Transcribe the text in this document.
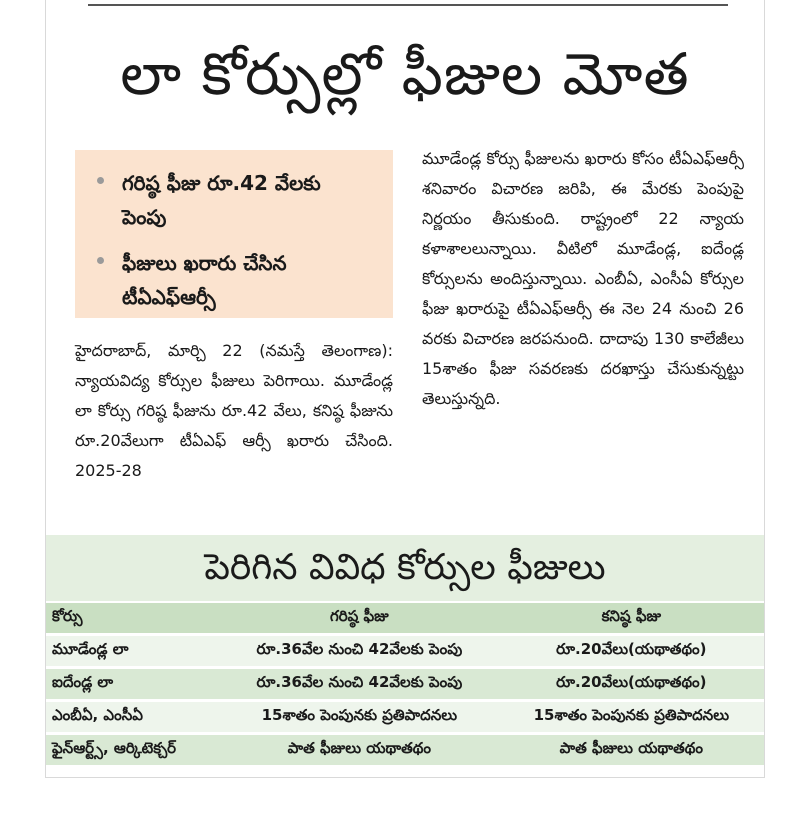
లా కోర్సుల్లో ఫీజుల మోత
గరిష్ఠ ఫీజు రూ.42 వేలకు పెంపు
ఫీజులు ఖరారు చేసిన టీఏఎఫ్ఆర్సీ
హైదరాబాద్, మార్చి 22 (నమస్తే తెలంగాణ): న్యాయవిద్య కోర్సుల ఫీజులు పెరిగాయి. మూడేండ్ల లా కోర్సు గరిష్ఠ ఫీజును రూ.42 వేలు, కనిష్ఠ ఫీజును రూ.20వేలుగా టీఏఎఫ్ ఆర్సీ ఖరారు చేసింది. 2025-28
మూడేండ్ల కోర్సు ఫీజులను ఖరారు కోసం టీఏఎఫ్ఆర్సీ శనివారం విచారణ జరిపి, ఈ మేరకు పెంపుపై నిర్ణయం తీసుకుంది. రాష్ట్రంలో 22 న్యాయ కళాశాలలున్నాయి. వీటిలో మూడేండ్ల, ఐదేండ్ల కోర్సులను అందిస్తున్నాయి. ఎంబీఏ, ఎంసీఏ కోర్సుల ఫీజు ఖరారుపై టీఏఎఫ్ఆర్సీ ఈ నెల 24 నుంచి 26 వరకు విచారణ జరపనుంది. దాదాపు 130 కాలేజీలు 15శాతం ఫీజు సవరణకు దరఖాస్తు చేసుకున్నట్టు తెలుస్తున్నది.
పెరిగిన వివిధ కోర్సుల ఫీజులు
కోర్సు	గరిష్ఠ ఫీజు	కనిష్ఠ ఫీజు
మూడేండ్ల లా	రూ.36వేల నుంచి 42వేలకు పెంపు	రూ.20వేలు(యథాతథం)
ఐదేండ్ల లా	రూ.36వేల నుంచి 42వేలకు పెంపు	రూ.20వేలు(యథాతథం)
ఎంబీఏ, ఎంసీఏ	15శాతం పెంపునకు ప్రతిపాదనలు	15శాతం పెంపునకు ప్రతిపాదనలు
ఫైన్ఆర్ట్స్, ఆర్కిటెక్చర్	పాత ఫీజులు యథాతథం	పాత ఫీజులు యథాతథం
